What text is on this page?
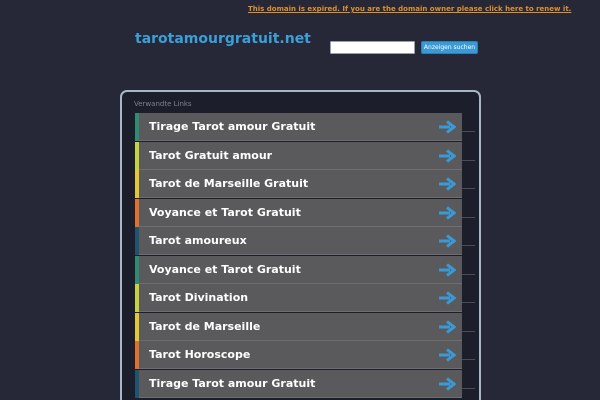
This domain is expired. If you are the domain owner please click here to renew it.
tarotamourgratuit.net
Anzeigen suchen
Verwandte Links
Tirage Tarot amour Gratuit
Tarot Gratuit amour
Tarot de Marseille Gratuit
Voyance et Tarot Gratuit
Tarot amoureux
Voyance et Tarot Gratuit
Tarot Divination
Tarot de Marseille
Tarot Horoscope
Tirage Tarot amour Gratuit
